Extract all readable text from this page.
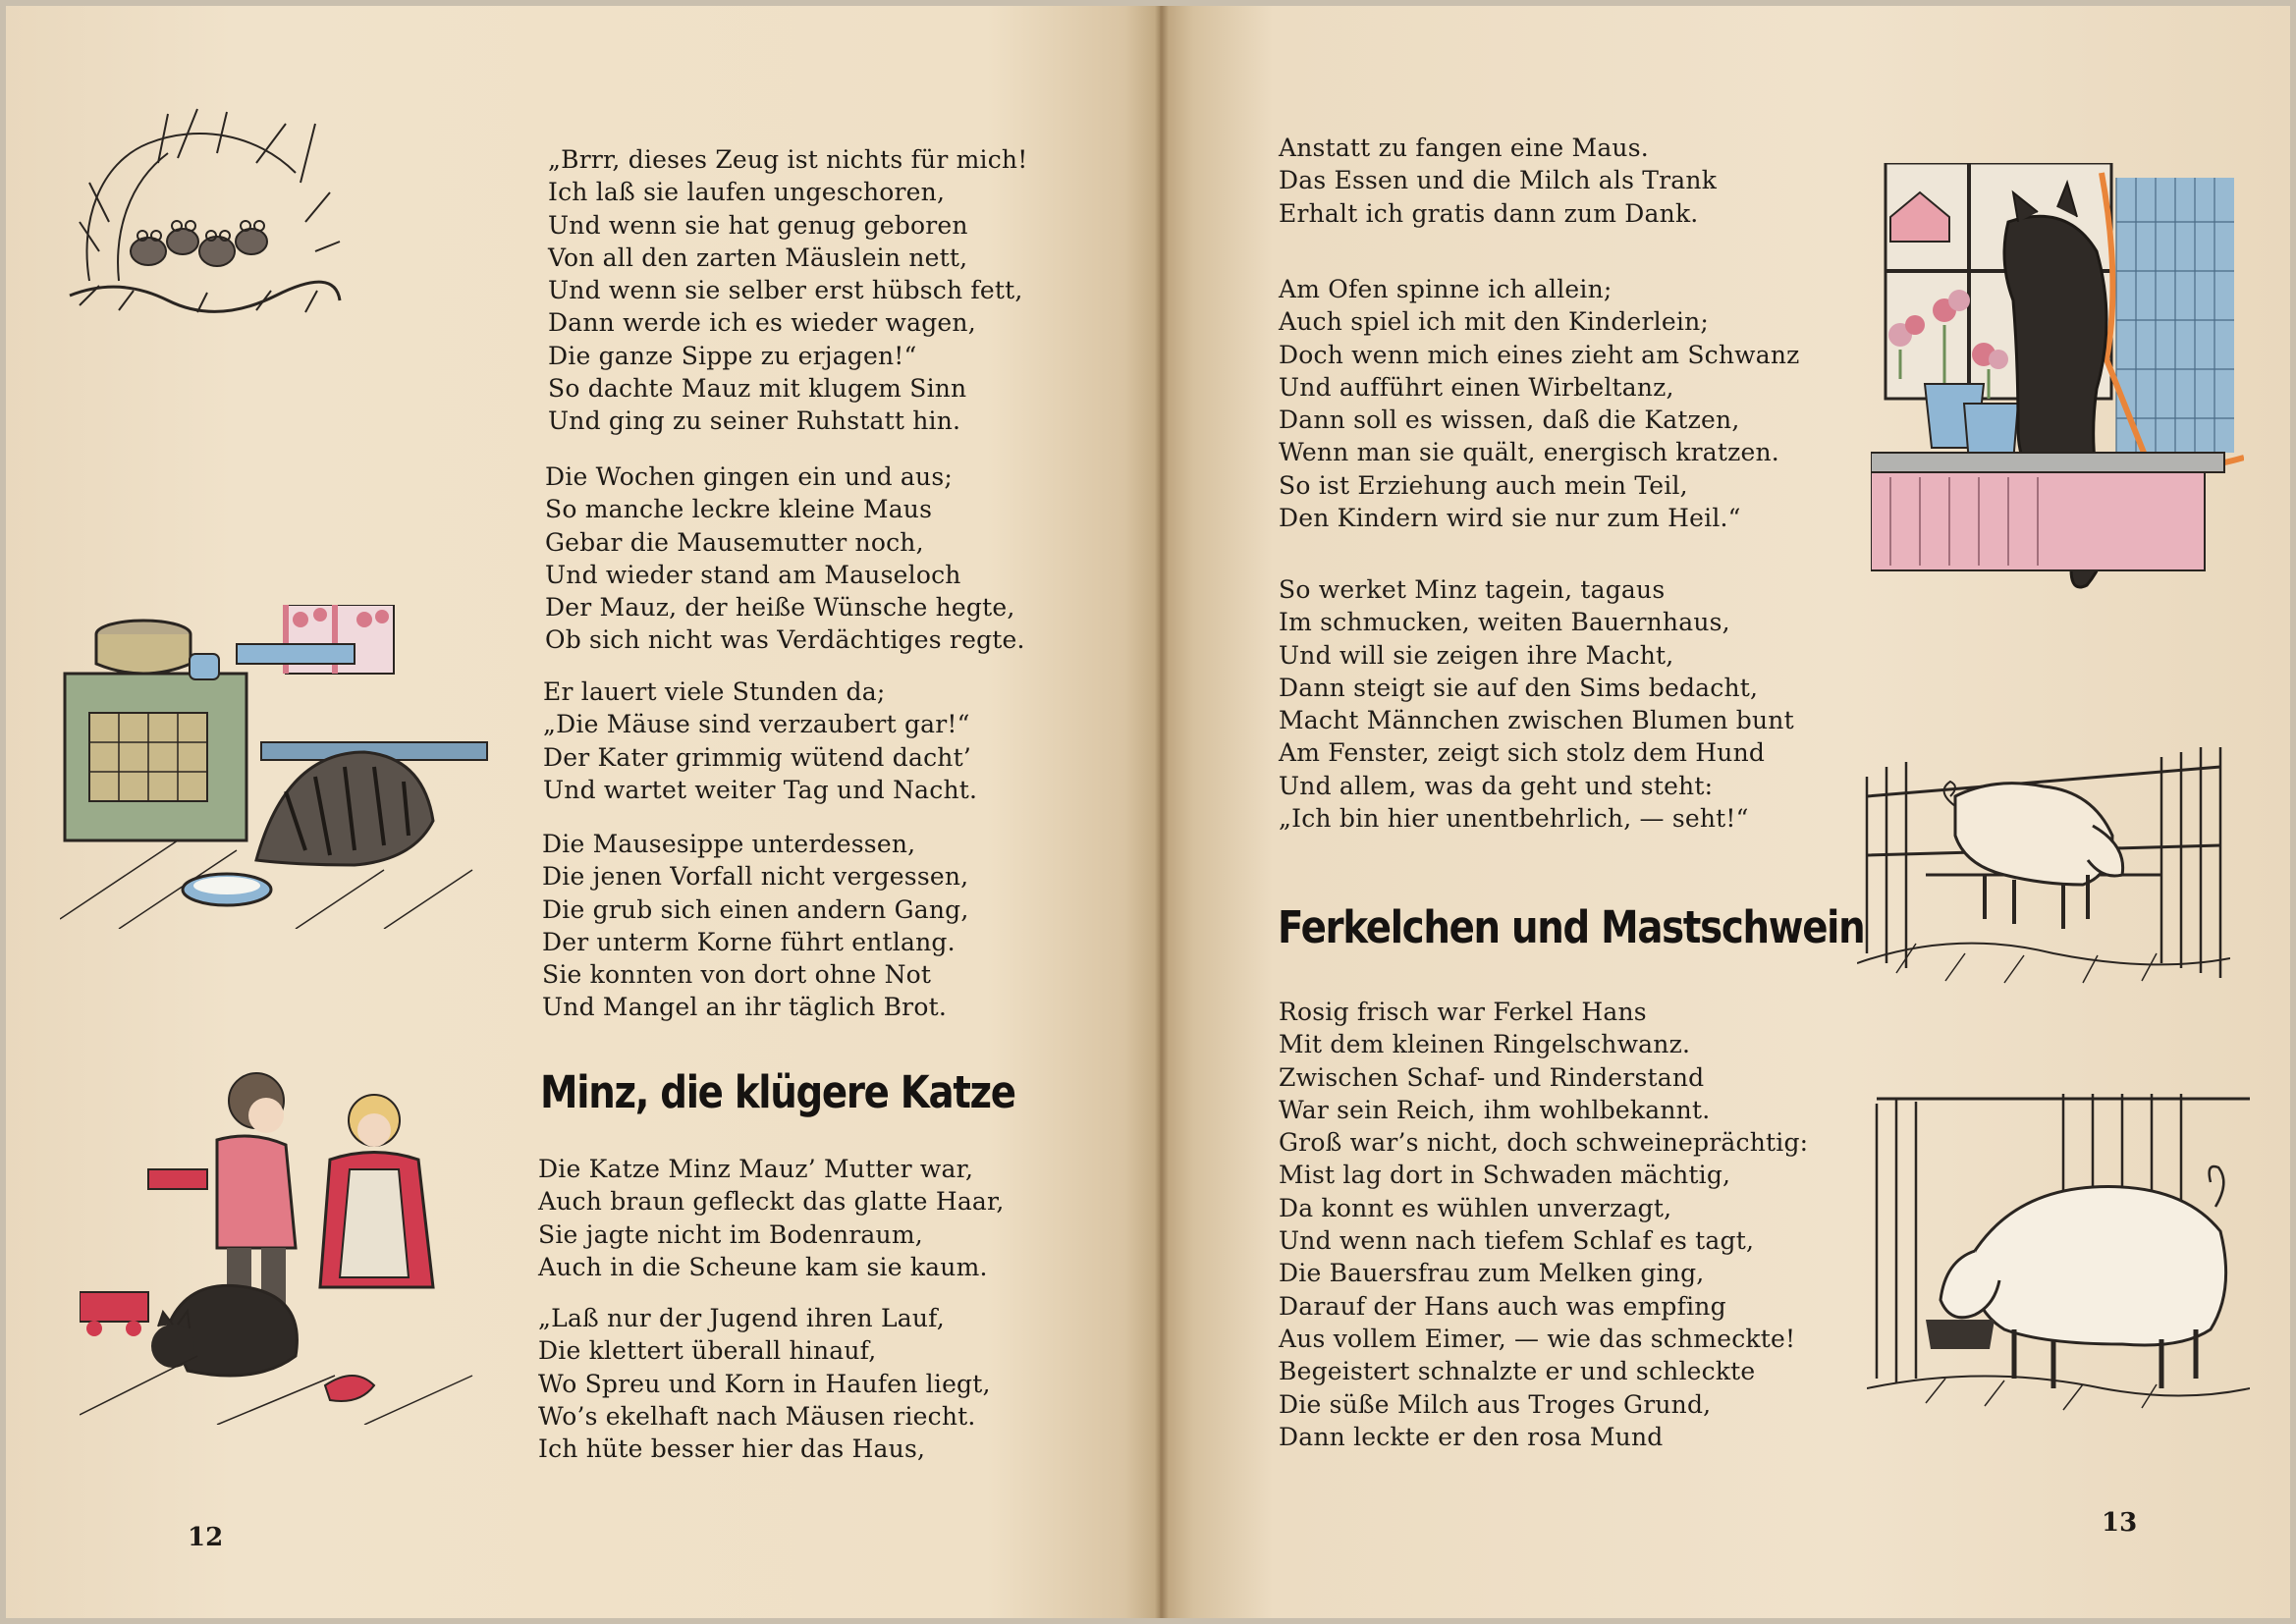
„Brrr, dieses Zeug ist nichts für mich!
Ich laß sie laufen ungeschoren,
Und wenn sie hat genug geboren
Von all den zarten Mäuslein nett,
Und wenn sie selber erst hübsch fett,
Dann werde ich es wieder wagen,
Die ganze Sippe zu erjagen!“
So dachte Mauz mit klugem Sinn
Und ging zu seiner Ruhstatt hin.
Die Wochen gingen ein und aus;
So manche leckre kleine Maus
Gebar die Mausemutter noch,
Und wieder stand am Mauseloch
Der Mauz, der heiße Wünsche hegte,
Ob sich nicht was Verdächtiges regte.
Er lauert viele Stunden da;
„Die Mäuse sind verzaubert gar!“
Der Kater grimmig wütend dacht’
Und wartet weiter Tag und Nacht.
Die Mausesippe unterdessen,
Die jenen Vorfall nicht vergessen,
Die grub sich einen andern Gang,
Der unterm Korne führt entlang.
Sie konnten von dort ohne Not
Und Mangel an ihr täglich Brot.
Minz, die klügere Katze
Die Katze Minz Mauz’ Mutter war,
Auch braun gefleckt das glatte Haar,
Sie jagte nicht im Bodenraum,
Auch in die Scheune kam sie kaum.
„Laß nur der Jugend ihren Lauf,
Die klettert überall hinauf,
Wo Spreu und Korn in Haufen liegt,
Wo’s ekelhaft nach Mäusen riecht.
Ich hüte besser hier das Haus,
12
Anstatt zu fangen eine Maus.
Das Essen und die Milch als Trank
Erhalt ich gratis dann zum Dank.
Am Ofen spinne ich allein;
Auch spiel ich mit den Kinderlein;
Doch wenn mich eines zieht am Schwanz
Und aufführt einen Wirbeltanz,
Dann soll es wissen, daß die Katzen,
Wenn man sie quält, energisch kratzen.
So ist Erziehung auch mein Teil,
Den Kindern wird sie nur zum Heil.“
So werket Minz tagein, tagaus
Im schmucken, weiten Bauernhaus,
Und will sie zeigen ihre Macht,
Dann steigt sie auf den Sims bedacht,
Macht Männchen zwischen Blumen bunt
Am Fenster, zeigt sich stolz dem Hund
Und allem, was da geht und steht:
„Ich bin hier unentbehrlich, — seht!“
Ferkelchen und Mastschwein
Rosig frisch war Ferkel Hans
Mit dem kleinen Ringelschwanz.
Zwischen Schaf- und Rinderstand
War sein Reich, ihm wohlbekannt.
Groß war’s nicht, doch schweineprächtig:
Mist lag dort in Schwaden mächtig,
Da konnt es wühlen unverzagt,
Und wenn nach tiefem Schlaf es tagt,
Die Bauersfrau zum Melken ging,
Darauf der Hans auch was empfing
Aus vollem Eimer, — wie das schmeckte!
Begeistert schnalzte er und schleckte
Die süße Milch aus Troges Grund,
Dann leckte er den rosa Mund
13
